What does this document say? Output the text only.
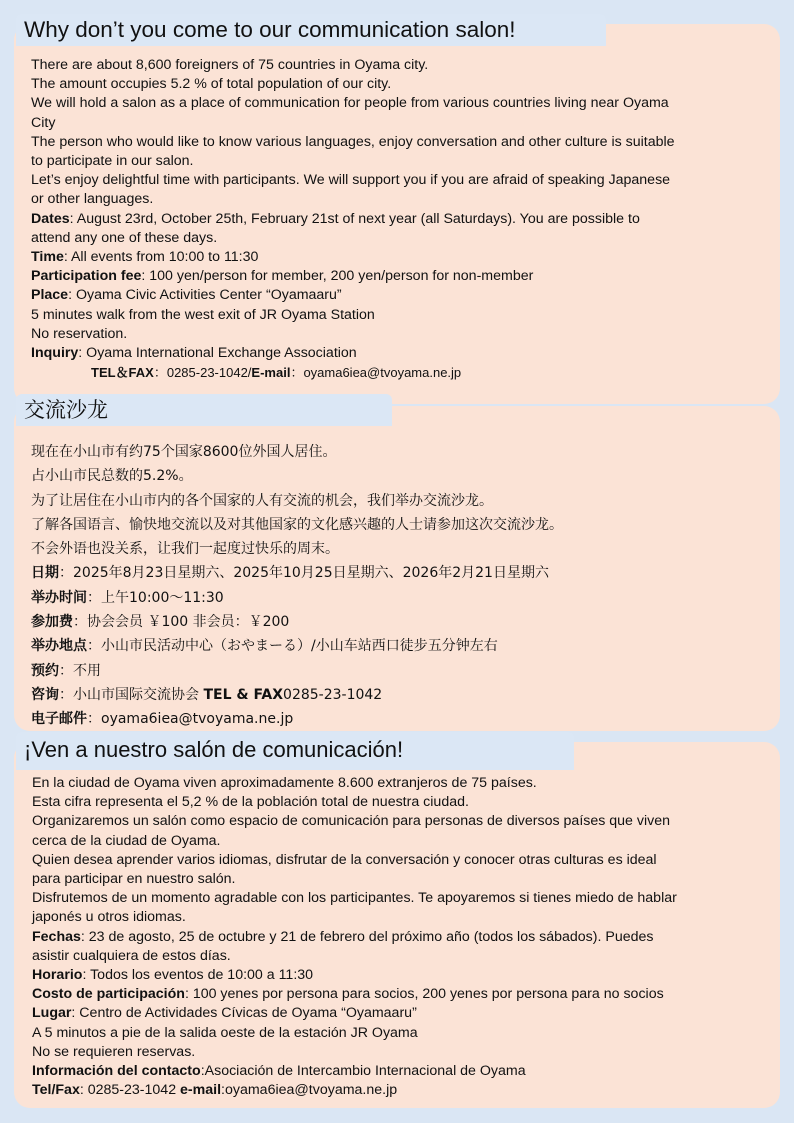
Why don’t you come to our communication salon!
There are about 8,600 foreigners of 75 countries in Oyama city.
The amount occupies 5.2 % of total population of our city.
We will hold a salon as a place of communication for people from various countries living near Oyama
City
The person who would like to know various languages, enjoy conversation and other culture is suitable
to participate in our salon.
Let’s enjoy delightful time with participants. We will support you if you are afraid of speaking Japanese
or other languages.
Dates: August 23rd, October 25th, February 21st of next year (all Saturdays). You are possible to
attend any one of these days.
Time: All events from 10:00 to 11:30
Participation fee: 100 yen/person for member, 200 yen/person for non-member
Place: Oyama Civic Activities Center “Oyamaaru”
5 minutes walk from the west exit of JR Oyama Station
No reservation.
Inquiry: Oyama International Exchange Association
TEL＆FAX：0285-23-1042/E-mail：oyama6iea@tvoyama.ne.jp
交流沙龙
现在在小山市有约75个国家8600位外国人居住。
占小山市民总数的5.2%。
为了让居住在小山市内的各个国家的人有交流的机会，我们举办交流沙龙。
了解各国语言、愉快地交流以及对其他国家的文化感兴趣的人士请参加这次交流沙龙。
不会外语也没关系，让我们一起度过快乐的周末。
日期：2025年8月23日星期六、2025年10月25日星期六、2026年2月21日星期六
举办时间：上午10:00～11:30
参加费：协会会员 ￥100 非会员：￥200
举办地点：小山市民活动中心（おやまーる）/小山车站西口徒步五分钟左右
预约：不用
咨询：小山市国际交流协会 TEL & FAX0285-23-1042
电子邮件：oyama6iea@tvoyama.ne.jp
¡Ven a nuestro salón de comunicación!
En la ciudad de Oyama viven aproximadamente 8.600 extranjeros de 75 países.
Esta cifra representa el 5,2 % de la población total de nuestra ciudad.
Organizaremos un salón como espacio de comunicación para personas de diversos países que viven
cerca de la ciudad de Oyama.
Quien desea aprender varios idiomas, disfrutar de la conversación y conocer otras culturas es ideal
para participar en nuestro salón.
Disfrutemos de un momento agradable con los participantes. Te apoyaremos si tienes miedo de hablar
japonés u otros idiomas.
Fechas: 23 de agosto, 25 de octubre y 21 de febrero del próximo año (todos los sábados). Puedes
asistir cualquiera de estos días.
Horario: Todos los eventos de 10:00 a 11:30
Costo de participación: 100 yenes por persona para socios, 200 yenes por persona para no socios
Lugar: Centro de Actividades Cívicas de Oyama “Oyamaaru”
A 5 minutos a pie de la salida oeste de la estación JR Oyama
No se requieren reservas.
Información del contacto:Asociación de Intercambio Internacional de Oyama
Tel/Fax: 0285-23-1042 e-mail:oyama6iea@tvoyama.ne.jp
